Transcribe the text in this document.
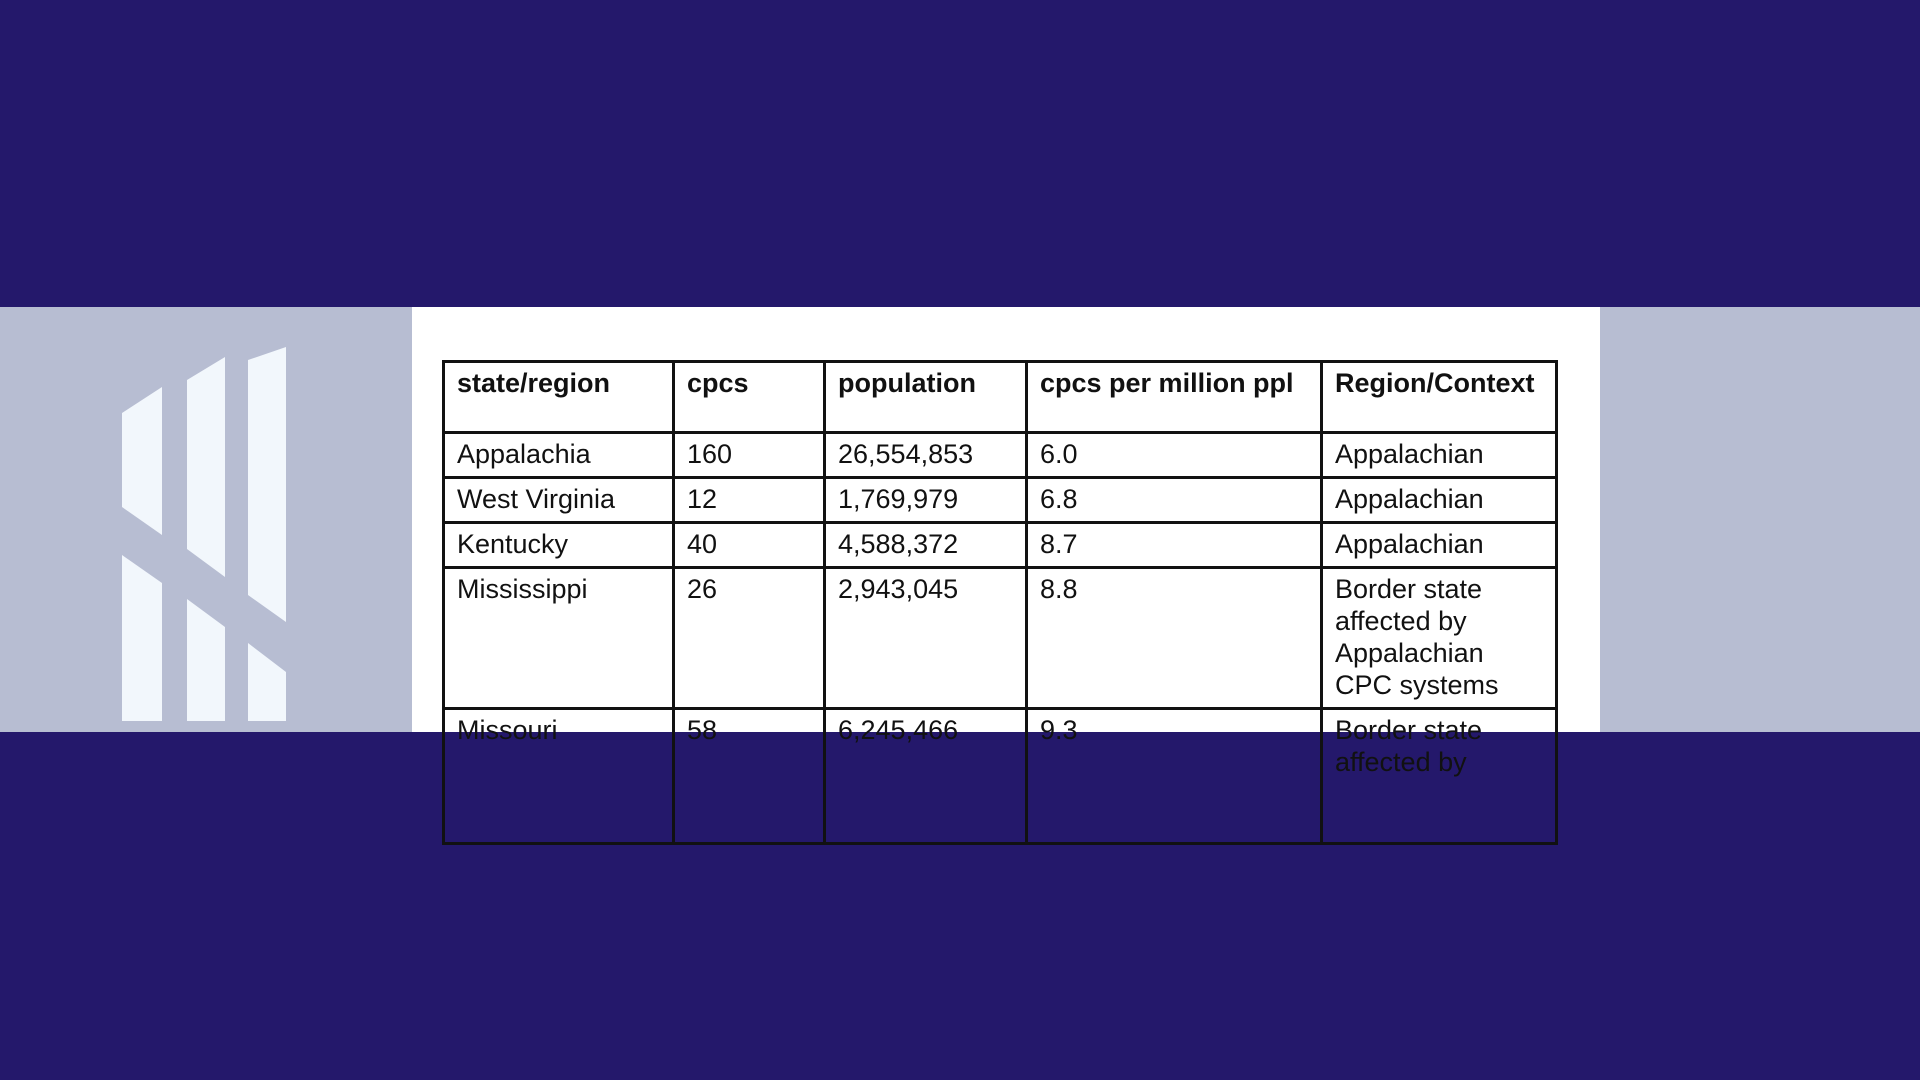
state/region	cpcs	population	cpcs per million ppl	Region/Context
Appalachia	160	26,554,853	6.0	Appalachian
West Virginia	12	1,769,979	6.8	Appalachian
Kentucky	40	4,588,372	8.7	Appalachian
Mississippi	26	2,943,045	8.8	Border state affected by Appalachian CPC systems
Missouri	58	6,245,466	9.3	Border state affected by
